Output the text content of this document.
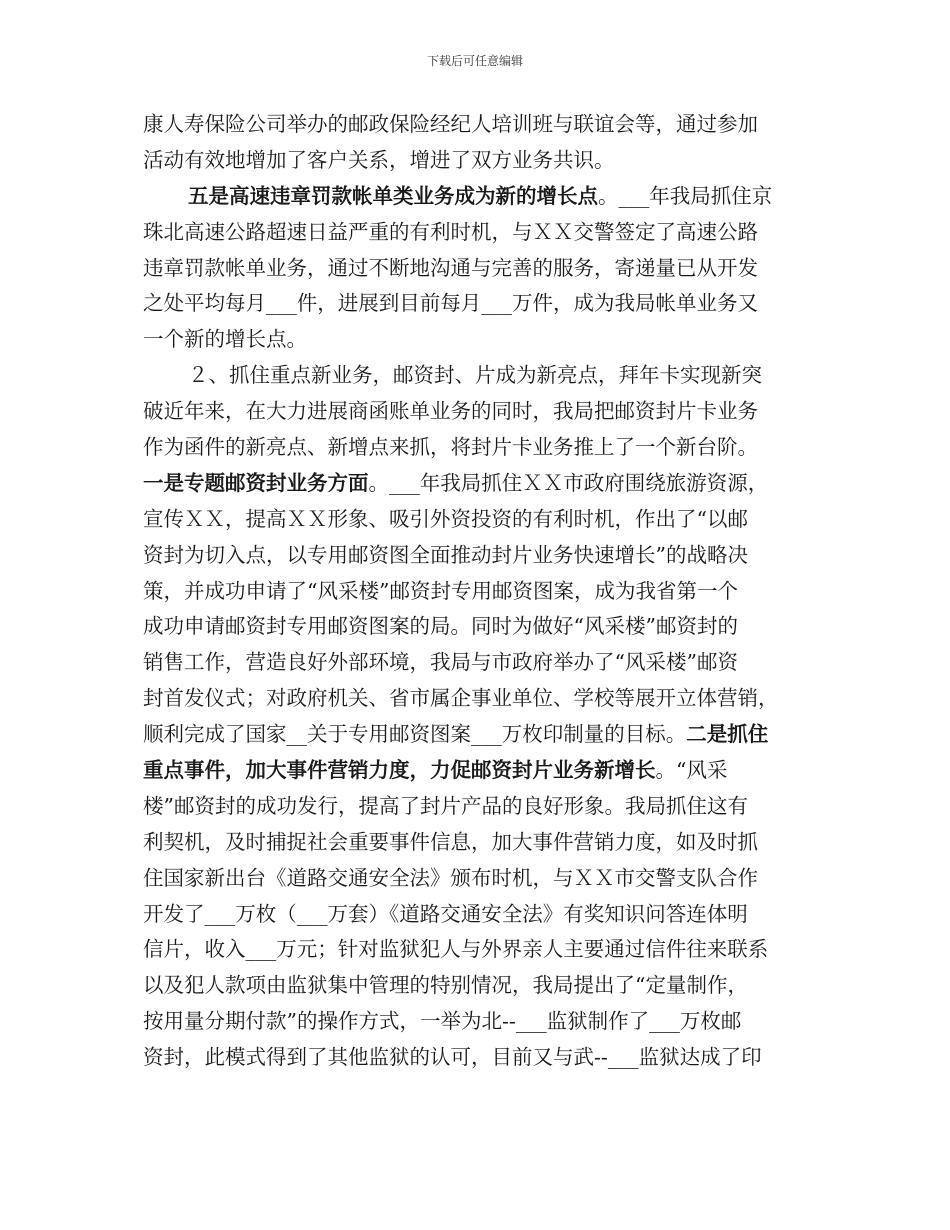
下载后可任意编辑
康人寿保险公司举办的邮政保险经纪人培训班与联谊会等，通过参加
活动有效地增加了客户关系，增进了双方业务共识。
五是高速违章罚款帐单类业务成为新的增长点。___年我局抓住京
珠北高速公路超速日益严重的有利时机，与ＸＸ交警签定了高速公路
违章罚款帐单业务，通过不断地沟通与完善的服务，寄递量已从开发
之处平均每月___件，进展到目前每月___万件，成为我局帐单业务又
一个新的增长点。
２、抓住重点新业务，邮资封、片成为新亮点，拜年卡实现新突
破近年来，在大力进展商函账单业务的同时，我局把邮资封片卡业务
作为函件的新亮点、新增点来抓，将封片卡业务推上了一个新台阶。
一是专题邮资封业务方面。___年我局抓住ＸＸ市政府围绕旅游资源，
宣传ＸＸ，提高ＸＸ形象、吸引外资投资的有利时机，作出了“以邮
资封为切入点，以专用邮资图全面推动封片业务快速增长”的战略决
策，并成功申请了“风采楼”邮资封专用邮资图案，成为我省第一个
成功申请邮资封专用邮资图案的局。同时为做好“风采楼”邮资封的
销售工作，营造良好外部环境，我局与市政府举办了“风采楼”邮资
封首发仪式；对政府机关、省市属企事业单位、学校等展开立体营销，
顺利完成了国家__关于专用邮资图案___万枚印制量的目标。二是抓住
重点事件，加大事件营销力度，力促邮资封片业务新增长。“风采
楼”邮资封的成功发行，提高了封片产品的良好形象。我局抓住这有
利契机，及时捕捉社会重要事件信息，加大事件营销力度，如及时抓
住国家新出台《道路交通安全法》颁布时机，与ＸＸ市交警支队合作
开发了___万枚（___万套）《道路交通安全法》有奖知识问答连体明
信片，收入___万元；针对监狱犯人与外界亲人主要通过信件往来联系
以及犯人款项由监狱集中管理的特别情况，我局提出了“定量制作，
按用量分期付款”的操作方式，一举为北--___监狱制作了___万枚邮
资封，此模式得到了其他监狱的认可，目前又与武--___监狱达成了印
